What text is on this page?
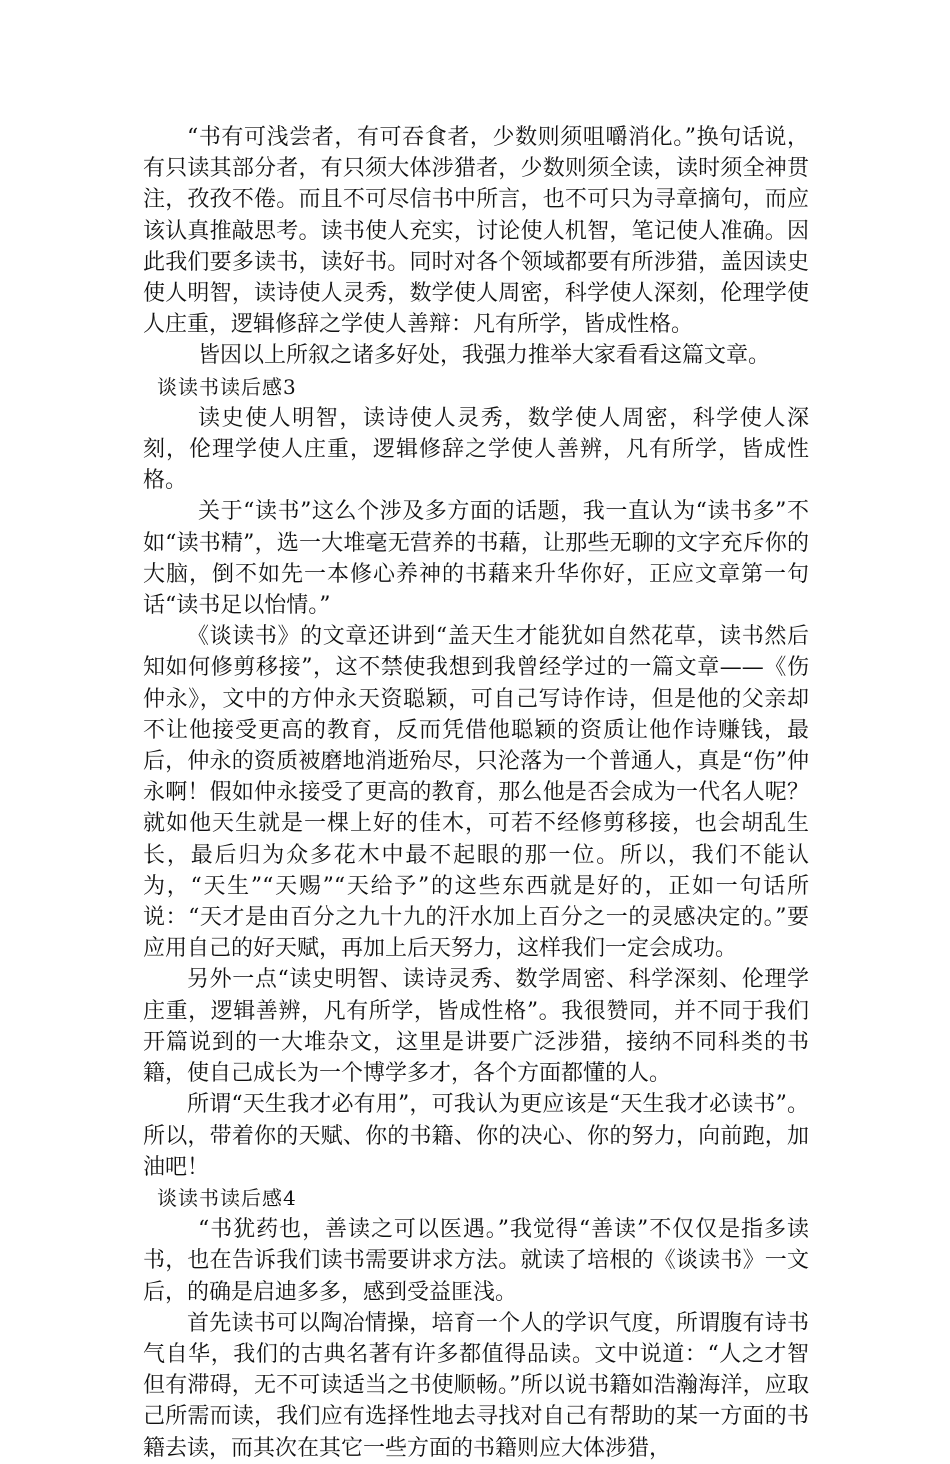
“书有可浅尝者，有可吞食者，少数则须咀嚼消化。”换句话说，有只读其部分者，有只须大体涉猎者，少数则须全读，读时须全神贯注，孜孜不倦。而且不可尽信书中所言，也不可只为寻章摘句，而应该认真推敲思考。读书使人充实，讨论使人机智，笔记使人准确。因此我们要多读书，读好书。同时对各个领域都要有所涉猎，盖因读史使人明智，读诗使人灵秀，数学使人周密，科学使人深刻，伦理学使人庄重，逻辑修辞之学使人善辩：凡有所学，皆成性格。

皆因以上所叙之诸多好处，我强力推举大家看看这篇文章。

谈读书读后感3

读史使人明智，读诗使人灵秀，数学使人周密，科学使人深刻，伦理学使人庄重，逻辑修辞之学使人善辨，凡有所学，皆成性格。

关于“读书”这么个涉及多方面的话题，我一直认为“读书多”不如“读书精”，选一大堆毫无营养的书藉，让那些无聊的文字充斥你的大脑，倒不如先一本修心养神的书藉来升华你好，正应文章第一句话“读书足以怡情。”

《谈读书》的文章还讲到“盖天生才能犹如自然花草，读书然后知如何修剪移接”，这不禁使我想到我曾经学过的一篇文章——《伤仲永》，文中的方仲永天资聪颖，可自己写诗作诗，但是他的父亲却不让他接受更高的教育，反而凭借他聪颖的资质让他作诗赚钱，最后，仲永的资质被磨地消逝殆尽，只沦落为一个普通人，真是“伤”仲永啊！假如仲永接受了更高的教育，那么他是否会成为一代名人呢？就如他天生就是一棵上好的佳木，可若不经修剪移接，也会胡乱生长，最后归为众多花木中最不起眼的那一位。所以，我们不能认为，“天生”“天赐”“天给予”的这些东西就是好的，正如一句话所说：“天才是由百分之九十九的汗水加上百分之一的灵感决定的。”要应用自己的好天赋，再加上后天努力，这样我们一定会成功。

另外一点“读史明智、读诗灵秀、数学周密、科学深刻、伦理学庄重，逻辑善辨，凡有所学，皆成性格”。我很赞同，并不同于我们开篇说到的一大堆杂文，这里是讲要广泛涉猎，接纳不同科类的书籍，使自己成长为一个博学多才，各个方面都懂的人。

所谓“天生我才必有用”，可我认为更应该是“天生我才必读书”。所以，带着你的天赋、你的书籍、你的决心、你的努力，向前跑，加油吧！

谈读书读后感4

“书犹药也，善读之可以医遇。”我觉得“善读”不仅仅是指多读书，也在告诉我们读书需要讲求方法。就读了培根的《谈读书》一文后，的确是启迪多多，感到受益匪浅。

首先读书可以陶冶情操，培育一个人的学识气度，所谓腹有诗书气自华，我们的古典名著有许多都值得品读。文中说道：“人之才智但有滞碍，无不可读适当之书使顺畅。”所以说书籍如浩瀚海洋，应取己所需而读，我们应有选择性地去寻找对自己有帮助的某一方面的书籍去读，而其次在其它一些方面的书籍则应大体涉猎，
